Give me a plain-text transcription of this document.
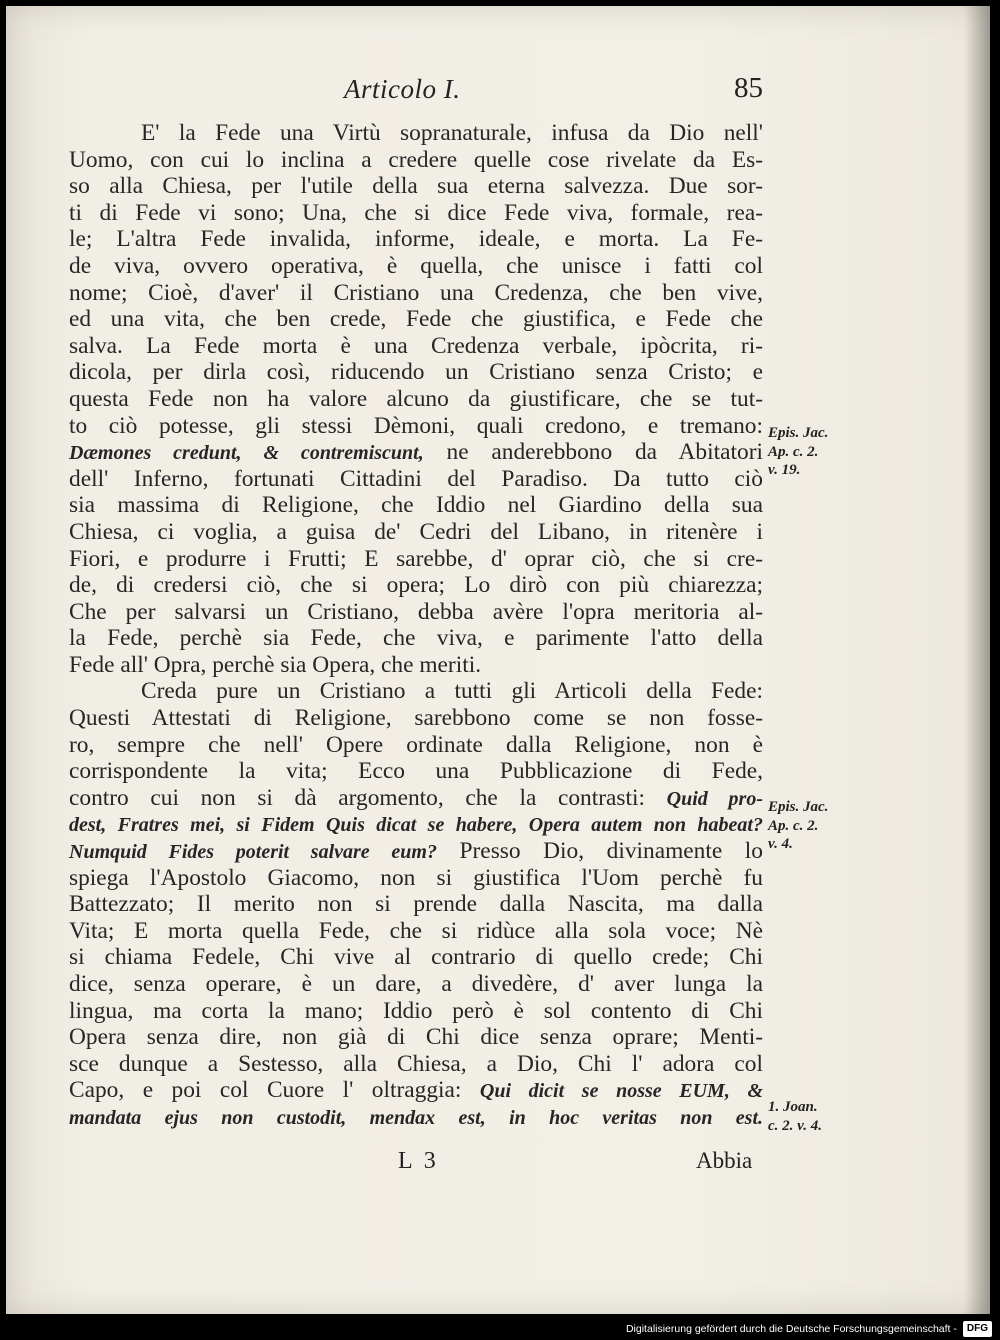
Articolo I.	85
E' la Fede una Virtù sopranaturale, infusa da Dio nell'
Uomo, con cui lo inclina a credere quelle cose rivelate da Es-
so alla Chiesa, per l'utile della sua eterna salvezza. Due sor-
ti di Fede vi sono; Una, che si dice Fede viva, formale, rea-
le; L'altra Fede invalida, informe, ideale, e morta. La Fe-
de viva, ovvero operativa, è quella, che unisce i fatti col
nome; Cioè, d'aver' il Cristiano una Credenza, che ben vive,
ed una vita, che ben crede, Fede che giustifica, e Fede che
salva. La Fede morta è una Credenza verbale, ipòcrita, ri-
dicola, per dirla così, riducendo un Cristiano senza Cristo; e
questa Fede non ha valore alcuno da giustificare, che se tut-
to ciò potesse, gli stessi Dèmoni, quali credono, e tremano:
Dæmones credunt, & contremiscunt, ne anderebbono da Abitatori
dell' Inferno, fortunati Cittadini del Paradiso. Da tutto ciò
sia massima di Religione, che Iddio nel Giardino della sua
Chiesa, ci voglia, a guisa de' Cedri del Libano, in ritenère i
Fiori, e produrre i Frutti; E sarebbe, d' oprar ciò, che si cre-
de, di credersi ciò, che si opera; Lo dirò con più chiarezza;
Che per salvarsi un Cristiano, debba avère l'opra meritoria al-
la Fede, perchè sia Fede, che viva, e parimente l'atto della
Fede all' Opra, perchè sia Opera, che meriti.
Creda pure un Cristiano a tutti gli Articoli della Fede:
Questi Attestati di Religione, sarebbono come se non fosse-
ro, sempre che nell' Opere ordinate dalla Religione, non è
corrispondente la vita; Ecco una Pubblicazione di Fede,
contro cui non si dà argomento, che la contrasti: Quid pro-
dest, Fratres mei, si Fidem Quis dicat se habere, Opera autem non habeat?
Numquid Fides poterit salvare eum? Presso Dio, divinamente lo
spiega l'Apostolo Giacomo, non si giustifica l'Uom perchè fu
Battezzato; Il merito non si prende dalla Nascita, ma dalla
Vita; E morta quella Fede, che si ridùce alla sola voce; Nè
si chiama Fedele, Chi vive al contrario di quello crede; Chi
dice, senza operare, è un dare, a divedère, d' aver lunga la
lingua, ma corta la mano; Iddio però è sol contento di Chi
Opera senza dire, non già di Chi dice senza oprare; Menti-
sce dunque a Sestesso, alla Chiesa, a Dio, Chi l' adora col
Capo, e poi col Cuore l' oltraggia: Qui dicit se nosse EUM, &
mandata ejus non custodit, mendax est, in hoc veritas non est.
Epis. Jac.
Ap. c. 2.
v. 19.
Epis. Jac.
Ap. c. 2.
v. 4.
1. Joan.
c. 2. v. 4.
L 3	Abbia
Digitalisierung gefördert durch die Deutsche Forschungsgemeinschaft -	DFG
